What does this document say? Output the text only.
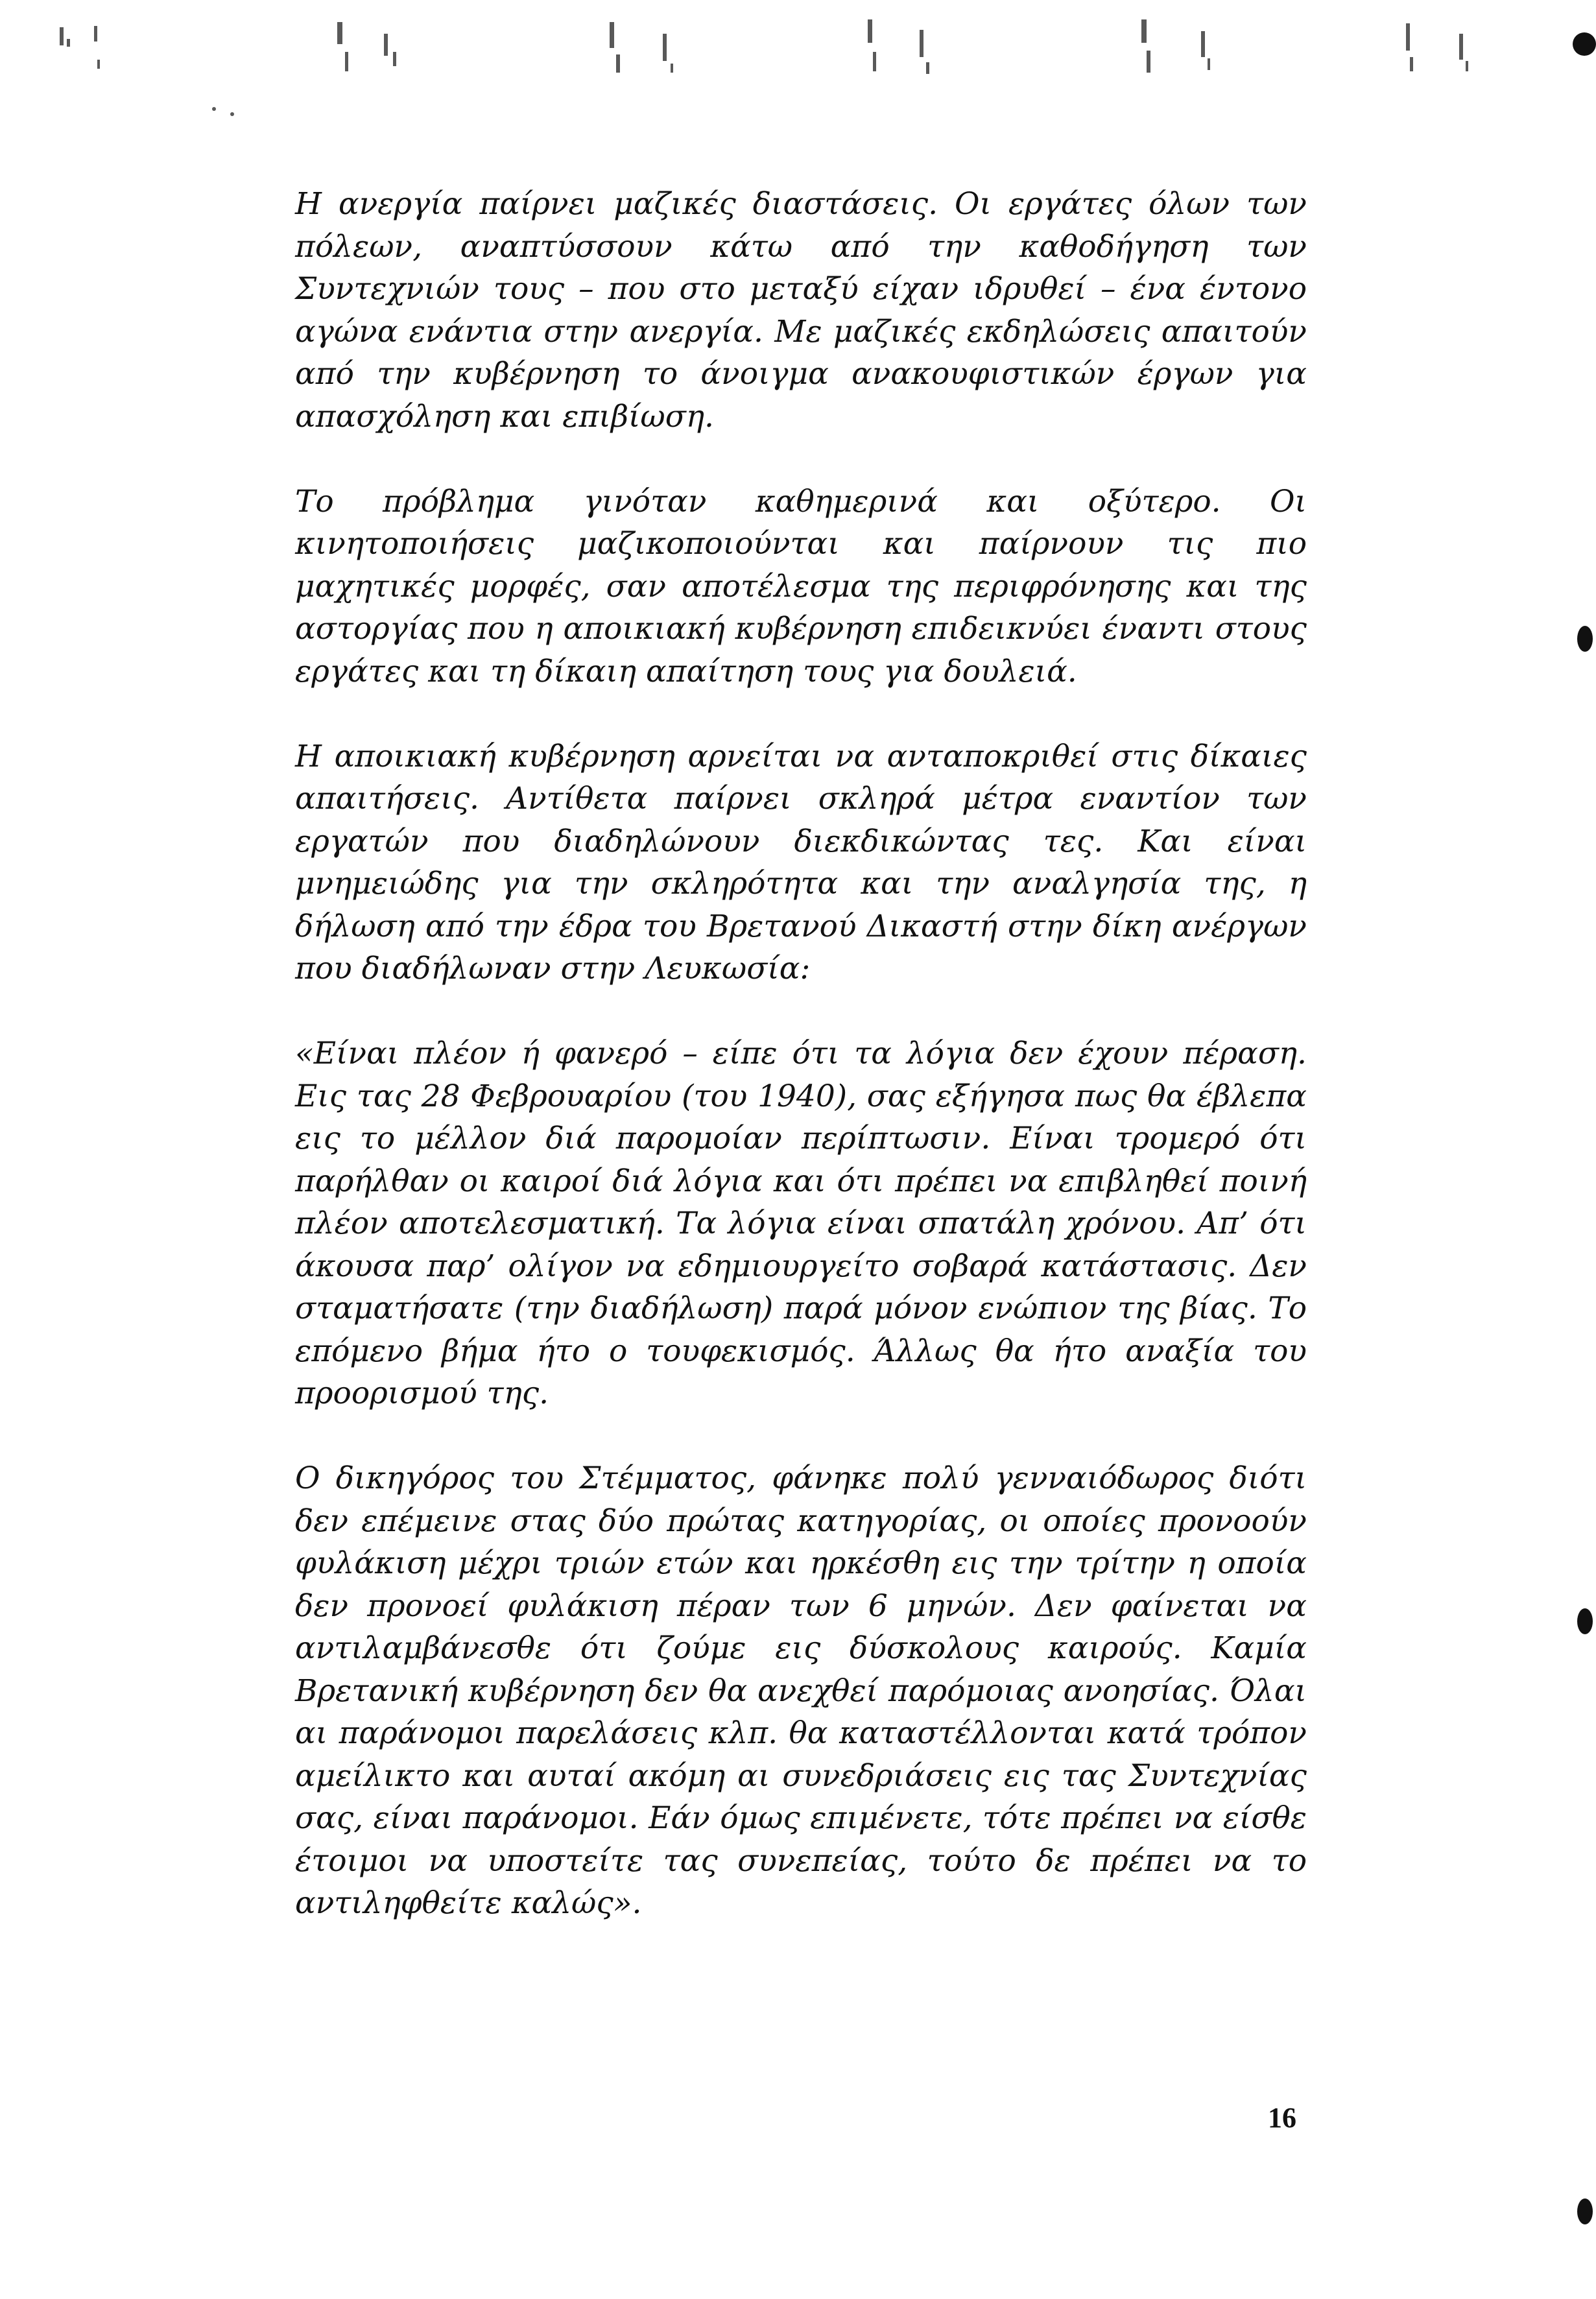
Η ανεργία παίρνει μαζικές διαστάσεις. Οι εργάτες όλων των πόλεων, αναπτύσσουν κάτω από την καθοδήγηση των Συντεχνιών τους – που στο μεταξύ είχαν ιδρυθεί – ένα έντονο αγώνα ενάντια στην ανεργία. Με μαζικές εκδηλώσεις απαιτούν από την κυβέρνηση το άνοιγμα ανακουφιστικών έργων για απασχόληση και επιβίωση.

Το πρόβλημα γινόταν καθημερινά και οξύτερο. Οι κινητοποιήσεις μαζικοποιούνται και παίρνουν τις πιο μαχητικές μορφές, σαν αποτέλεσμα της περιφρόνησης και της αστοργίας που η αποικιακή κυβέρνηση επιδεικνύει έναντι στους εργάτες και τη δίκαιη απαίτηση τους για δουλειά.

Η αποικιακή κυβέρνηση αρνείται να ανταποκριθεί στις δίκαιες απαιτήσεις. Αντίθετα παίρνει σκληρά μέτρα εναντίον των εργατών που διαδηλώνουν διεκδικώντας τες. Και είναι μνημειώδης για την σκληρότητα και την αναλγησία της, η δήλωση από την έδρα του Βρετανού Δικαστή στην δίκη ανέργων που διαδήλωναν στην Λευκωσία:

«Είναι πλέον ή φανερό – είπε ότι τα λόγια δεν έχουν πέραση. Εις τας 28 Φεβρουαρίου (του 1940), σας εξήγησα πως θα έβλεπα εις το μέλλον διά παρομοίαν περίπτωσιν. Είναι τρομερό ότι παρήλθαν οι καιροί διά λόγια και ότι πρέπει να επιβληθεί ποινή πλέον αποτελεσματική. Τα λόγια είναι σπατάλη χρόνου. Απ’ ότι άκουσα παρ’ ολίγον να εδημιουργείτο σοβαρά κατάστασις. Δεν σταματήσατε (την διαδήλωση) παρά μόνον ενώπιον της βίας. Το επόμενο βήμα ήτο ο τουφεκισμός. Άλλως θα ήτο αναξία του προορισμού της.

Ο δικηγόρος του Στέμματος, φάνηκε πολύ γενναιόδωρος διότι δεν επέμεινε στας δύο πρώτας κατηγορίας, οι οποίες προνοούν φυλάκιση μέχρι τριών ετών και ηρκέσθη εις την τρίτην η οποία δεν προνοεί φυλάκιση πέραν των 6 μηνών. Δεν φαίνεται να αντιλαμβάνεσθε ότι ζούμε εις δύσκολους καιρούς. Καμία Βρετανική κυβέρνηση δεν θα ανεχθεί παρόμοιας ανοησίας. Όλαι αι παράνομοι παρελάσεις κλπ. θα καταστέλλονται κατά τρόπον αμείλικτο και αυταί ακόμη αι συνεδριάσεις εις τας Συντεχνίας σας, είναι παράνομοι. Εάν όμως επιμένετε, τότε πρέπει να είσθε έτοιμοι να υποστείτε τας συνεπείας, τούτο δε πρέπει να το αντιληφθείτε καλώς».

16
